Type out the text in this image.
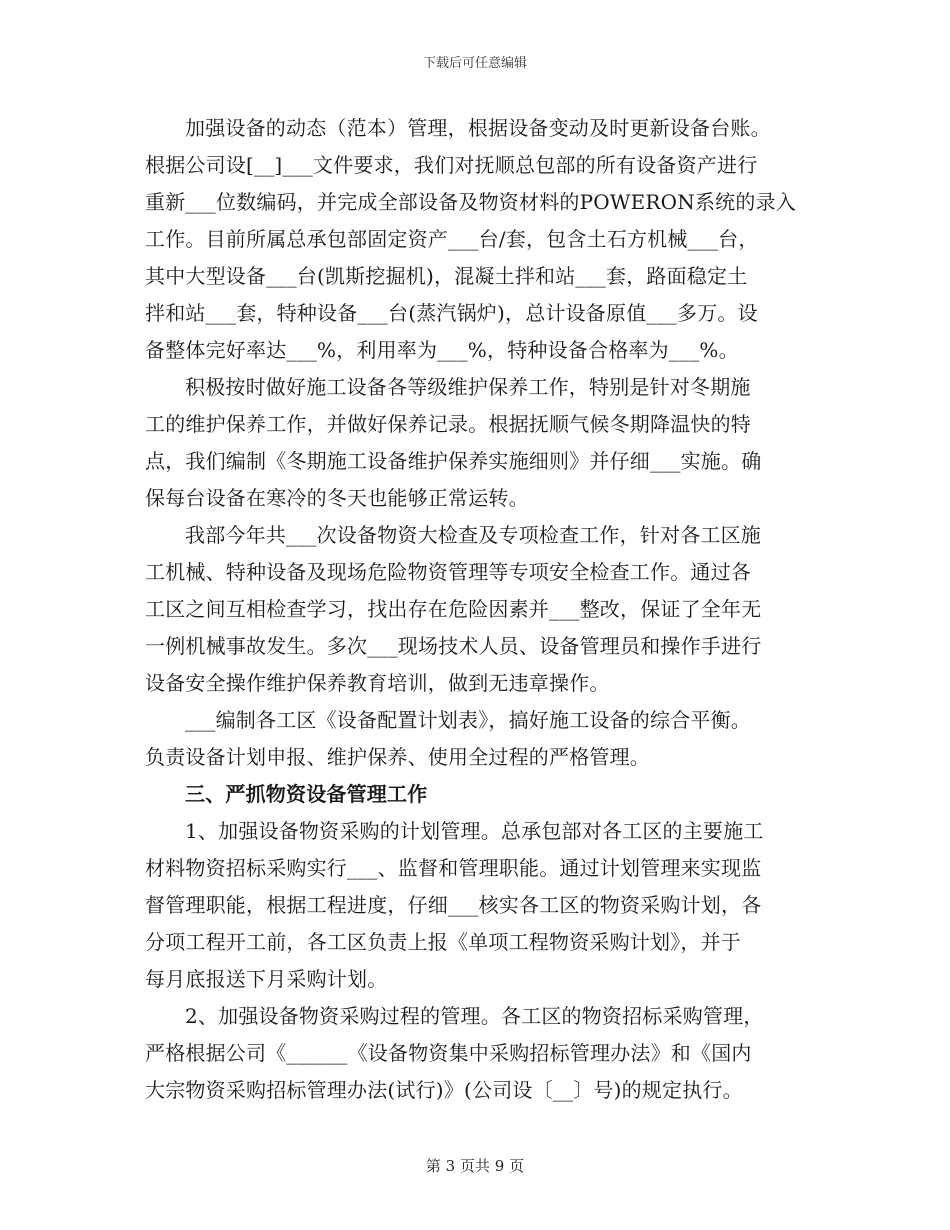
下载后可任意编辑
加强设备的动态（范本）管理，根据设备变动及时更新设备台账。
根据公司设[__]___文件要求，我们对抚顺总包部的所有设备资产进行
重新___位数编码，并完成全部设备及物资材料的POWERON系统的录入
工作。目前所属总承包部固定资产___台/套，包含土石方机械___台，
其中大型设备___台(凯斯挖掘机)，混凝土拌和站___套，路面稳定土
拌和站___套，特种设备___台(蒸汽锅炉)，总计设备原值___多万。设
备整体完好率达___%，利用率为___%，特种设备合格率为___%。
积极按时做好施工设备各等级维护保养工作，特别是针对冬期施
工的维护保养工作，并做好保养记录。根据抚顺气候冬期降温快的特
点，我们编制《冬期施工设备维护保养实施细则》并仔细___实施。确
保每台设备在寒冷的冬天也能够正常运转。
我部今年共___次设备物资大检查及专项检查工作，针对各工区施
工机械、特种设备及现场危险物资管理等专项安全检查工作。通过各
工区之间互相检查学习，找出存在危险因素并___整改，保证了全年无
一例机械事故发生。多次___现场技术人员、设备管理员和操作手进行
设备安全操作维护保养教育培训，做到无违章操作。
___编制各工区《设备配置计划表》，搞好施工设备的综合平衡。
负责设备计划申报、维护保养、使用全过程的严格管理。
三、严抓物资设备管理工作
1、加强设备物资采购的计划管理。总承包部对各工区的主要施工
材料物资招标采购实行___、监督和管理职能。通过计划管理来实现监
督管理职能，根据工程进度，仔细___核实各工区的物资采购计划，各
分项工程开工前，各工区负责上报《单项工程物资采购计划》，并于
每月底报送下月采购计划。
2、加强设备物资采购过程的管理。各工区的物资招标采购管理，
严格根据公司《______《设备物资集中采购招标管理办法》和《国内
大宗物资采购招标管理办法(试行)》(公司设〔__〕号)的规定执行。
第 3 页共 9 页
